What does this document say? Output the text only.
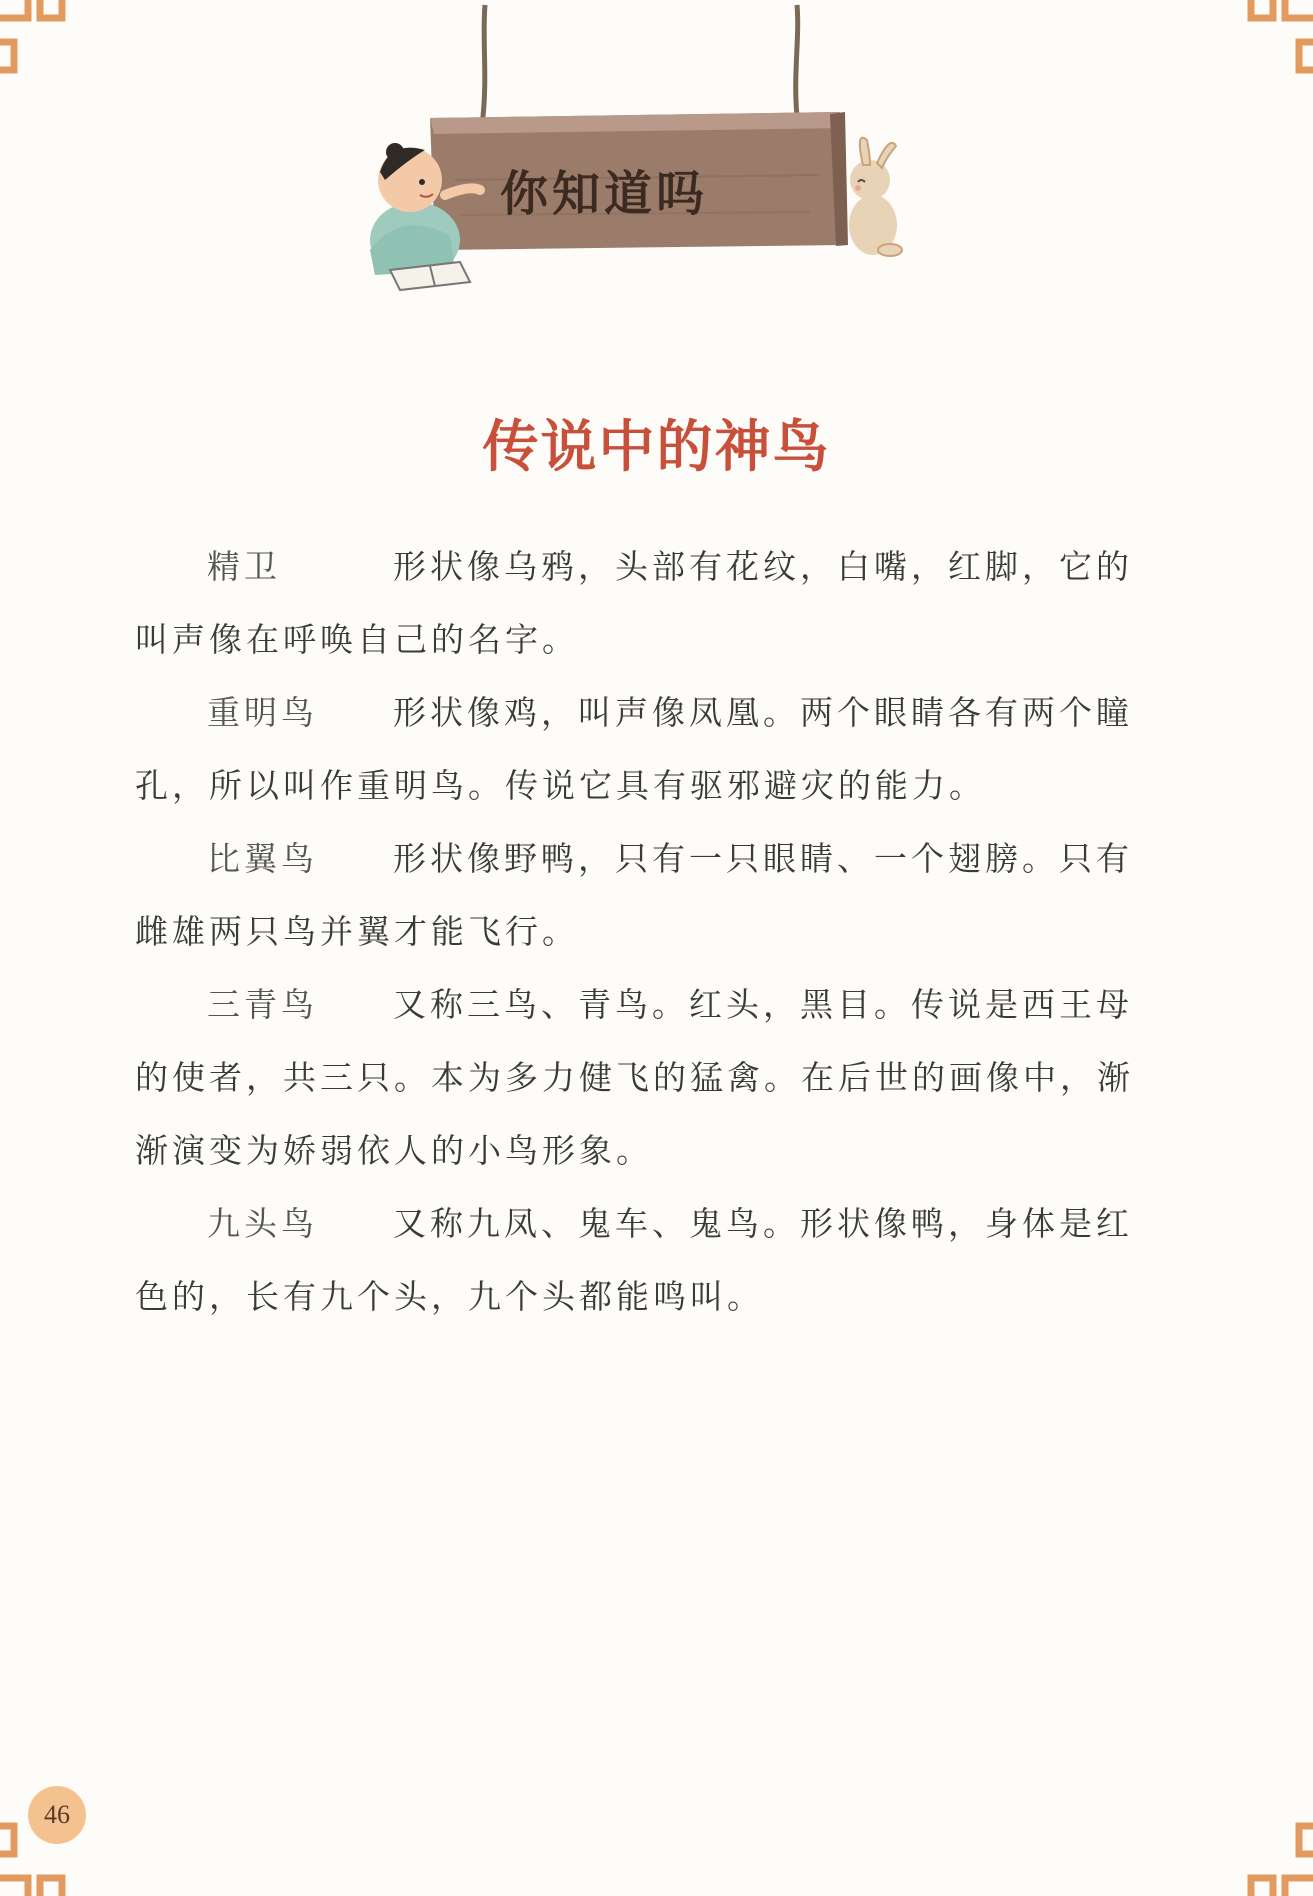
你知道吗
传说中的神鸟

精卫	形状像乌鸦，头部有花纹，白嘴，红脚，它的叫声像在呼唤自己的名字。

重明鸟 形状像鸡，叫声像凤凰。两个眼睛各有两个瞳孔，所以叫作重明鸟。传说它具有驱邪避灾的能力。

比翼鸟 形状像野鸭，只有一只眼睛、一个翅膀。只有雌雄两只鸟并翼才能飞行。

三青鸟 又称三鸟、青鸟。红头，黑目。传说是西王母的使者，共三只。本为多力健飞的猛禽。在后世的画像中，渐渐演变为娇弱依人的小鸟形象。

九头鸟 又称九凤、鬼车、鬼鸟。形状像鸭，身体是红色的，长有九个头，九个头都能鸣叫。

46
